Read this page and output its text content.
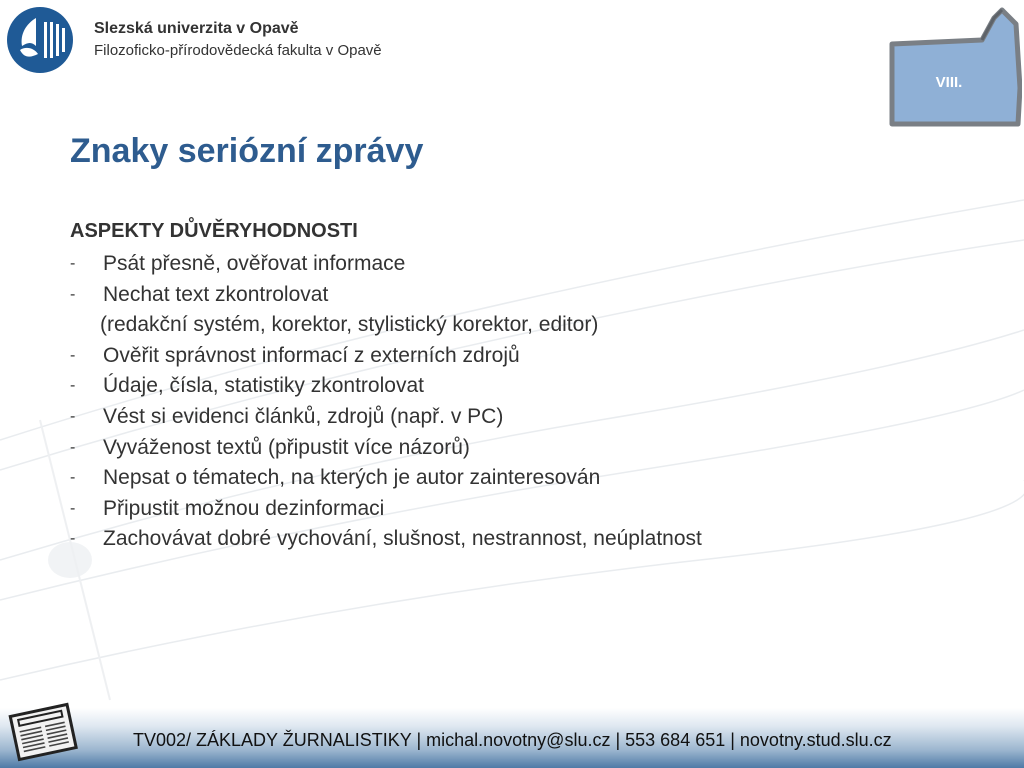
Slezská univerzita v Opavě
Filozoficko-přírodovědecká fakulta v Opavě
VIII.
Znaky seriózní zprávy
ASPEKTY DŮVĚRYHODNOSTI
- Psát přesně, ověřovat informace
- Nechat text zkontrolovat
(redakční systém, korektor, stylistický korektor, editor)
- Ověřit správnost informací z externích zdrojů
- Údaje, čísla, statistiky zkontrolovat
- Vést si evidenci článků, zdrojů (např. v PC)
- Vyváženost textů (připustit více názorů)
- Nepsat o tématech, na kterých je autor zainteresován
- Připustit možnou dezinformaci
- Zachovávat dobré vychování, slušnost, nestrannost, neúplatnost
TV002/ ZÁKLADY ŽURNALISTIKY | michal.novotny@slu.cz | 553 684 651 | novotny.stud.slu.cz
